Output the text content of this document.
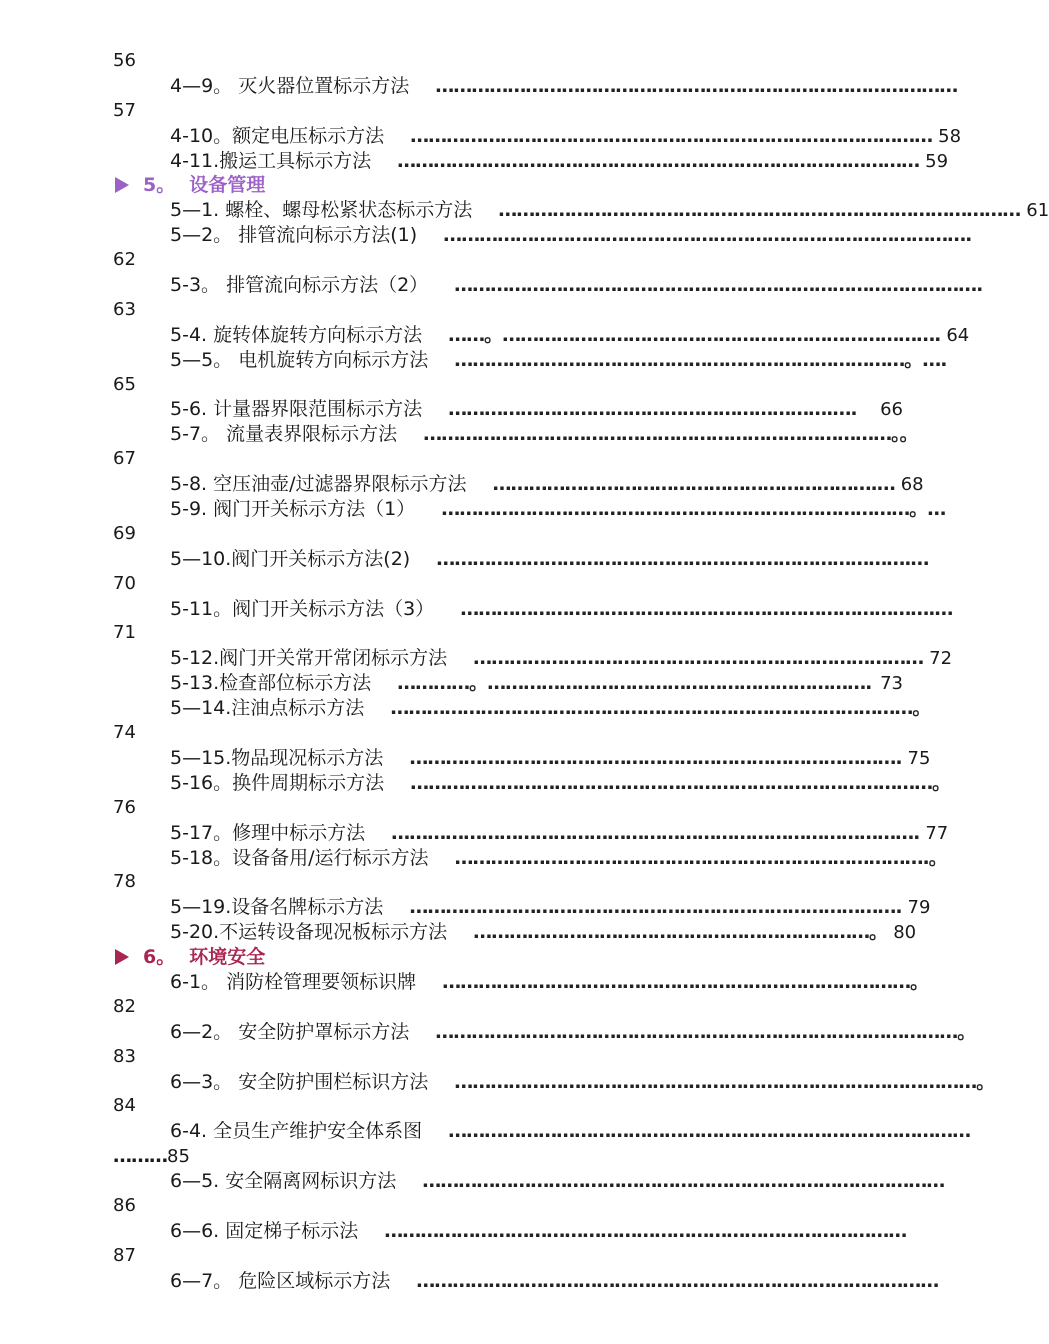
56
4—9。 灭火器位置标示方法 ……………………………………………………………………………
57
4-10。额定电压标示方法 …………………………………………………………………………… 58
4-11.搬运工具标示方法 …………………………………………………………………………… 59
5。 设备管理
5—1. 螺栓、螺母松紧状态标示方法 …………………………………………………………………………… 61
5—2。 排管流向标示方法(1) …………………………………………………………………………….
62
5-3。 排管流向标示方法（2） …………………………………………………………………………….
63
5-4. 旋转体旋转方向标示方法 ……。………………………………………………………………. 64
5—5。 电机旋转方向标示方法 …………………………………………………………………。….
65
5-6. 计量器界限范围标示方法 ……………………………………………………….….	66
5-7。 流量表界限标示方法 ……………………………………………………………………。。
67
5-8. 空压油壶/过滤器界限标示方法 ……………………………………………………….… 68
5-9. 阀门开关标示方法（1） ……………………………………………………………………。…
69
5—10.阀门开关标示方法(2) …………………………………………………………………….…
70
5-11。阀门开关标示方法（3） …………………………………………………………………….…
71
5-12.阀门开关常开常闭标示方法 ………………………………………………………………… 72
5-13.检查部位标示方法 …………。………………………………………………………. 73
5—14.注油点标示方法 ……………………………………………………………………………。
74
5—15.物品现况标示方法 ………………………………………………………………………. 75
5-16。换件周期标示方法 ……………………………………………………………………………。
76
5-17。修理中标示方法 ……………………………………………………………………………. 77
5-18。设备备用/运行标示方法 …………………………………………………………………….。
78
5—19.设备名牌标示方法 ………………………………………………………………………. 79
5-20.不运转设备现况板标示方法 …………………………………………………………。 80
6。 环境安全
6-1。 消防栓管理要领标识牌 ……………………………………………………………………。
82
6—2。 安全防护罩标示方法 ……………………………………………………………………………。
83
6—3。 安全防护围栏标识方法 ……………………………………………………………………………。
84
6-4. 全员生产维护安全体系图 ……………………………………………………………………………
………85
6—5. 安全隔离网标识方法 ……………………………………………………………………………
86
6—6. 固定梯子标示法 ……………………………………………………………………………
87
6—7。 危险区域标示方法 ……………………………………………………………………………
